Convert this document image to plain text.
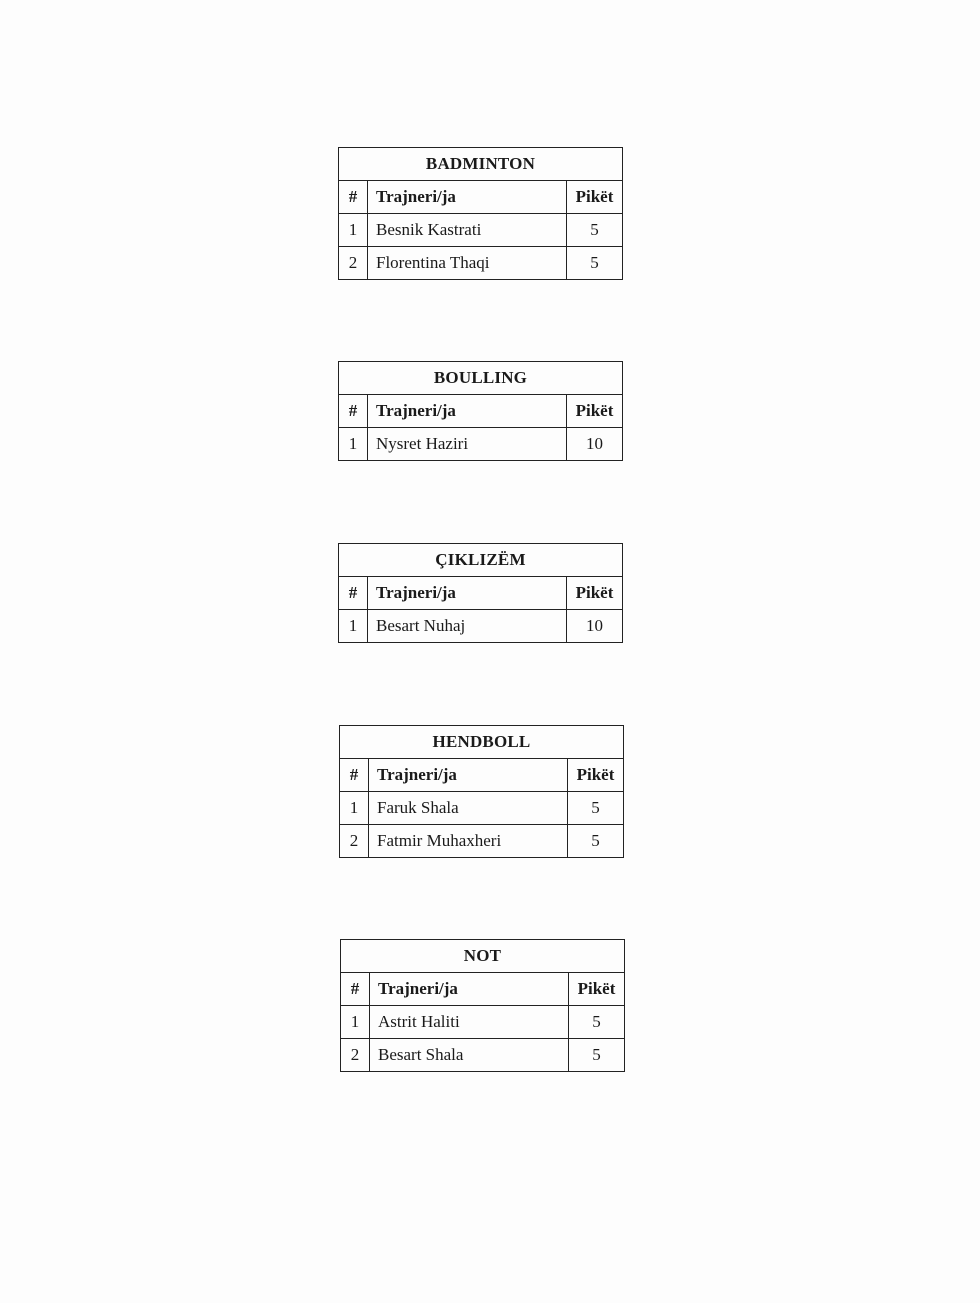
BADMINTON		
#	Trajneri/ja	Pikët
1	Besnik Kastrati	5
2	Florentina Thaqi	5
BOULLING		
#	Trajneri/ja	Pikët
1	Nysret Haziri	10
ÇIKLIZËM		
#	Trajneri/ja	Pikët
1	Besart Nuhaj	10
HENDBOLL		
#	Trajneri/ja	Pikët
1	Faruk Shala	5
2	Fatmir Muhaxheri	5
NOT		
#	Trajneri/ja	Pikët
1	Astrit Haliti	5
2	Besart Shala	5
